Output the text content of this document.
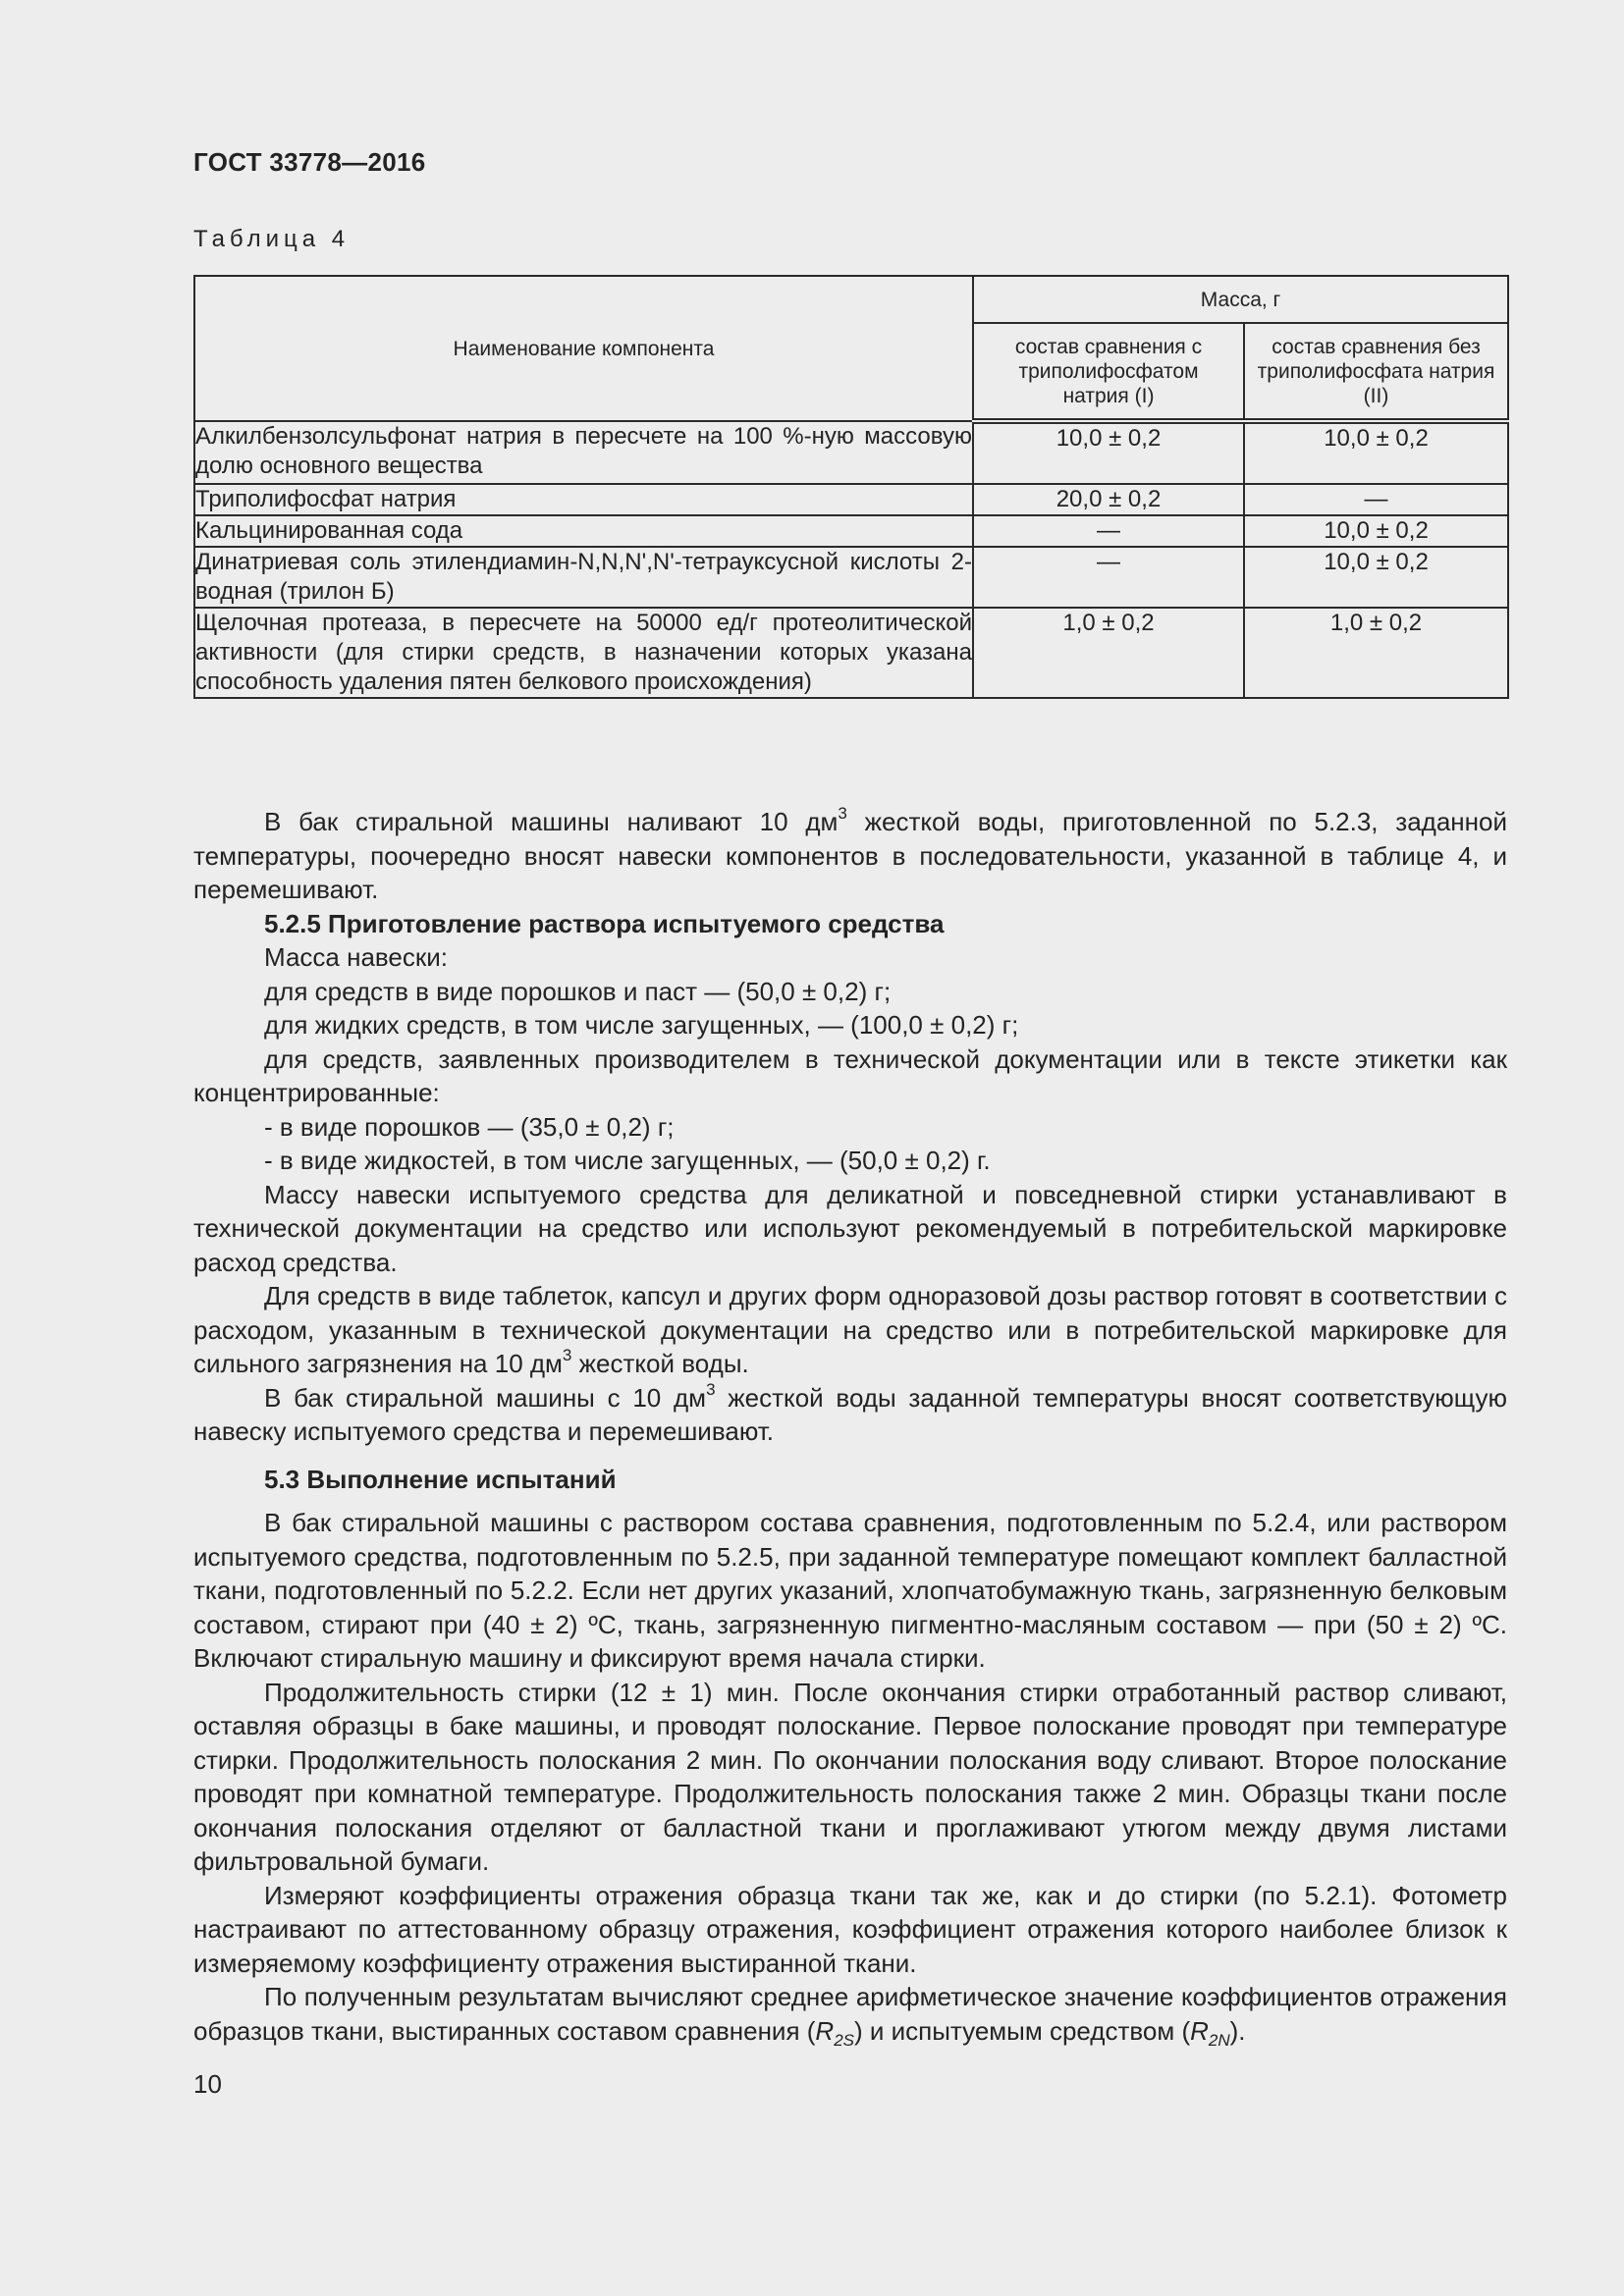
ГОСТ 33778—2016
Таблица 4
Наименование компонента	Масса, г	
	состав сравнения с триполифосфатом натрия (I)	состав сравнения без триполифосфата натрия (II)
Алкилбензолсульфонат натрия в пересчете на 100 %-ную массовую долю основного вещества	10,0 ± 0,2	10,0 ± 0,2
Триполифосфат натрия	20,0 ± 0,2	—
Кальцинированная сода	—	10,0 ± 0,2
Динатриевая соль этилендиамин-N,N,N',N'-тетрауксусной кислоты 2-водная (трилон Б)	—	10,0 ± 0,2
Щелочная протеаза, в пересчете на 50000 ед/г протеолитической активности (для стирки средств, в назначении которых указана способность удаления пятен белкового происхождения)	1,0 ± 0,2	1,0 ± 0,2

В бак стиральной машины наливают 10 $дм^3$ жесткой воды, приготовленной по 5.2.3, заданной температуры, поочередно вносят навески компонентов в последовательности, указанной в таблице 4, и перемешивают.

5.2.5 Приготовление раствора испытуемого средства

Масса навески:

для средств в виде порошков и паст — (50,0 ± 0,2) г;

для жидких средств, в том числе загущенных, — (100,0 ± 0,2) г;

для средств, заявленных производителем в технической документации или в тексте этикетки как концентрированные:

- в виде порошков — (35,0 ± 0,2) г;

- в виде жидкостей, в том числе загущенных, — (50,0 ± 0,2) г.

Массу навески испытуемого средства для деликатной и повседневной стирки устанавливают в технической документации на средство или используют рекомендуемый в потребительской маркировке расход средства.

Для средств в виде таблеток, капсул и других форм одноразовой дозы раствор готовят в соответствии с расходом, указанным в технической документации на средство или в потребительской маркировке для сильного загрязнения на 10 $дм^3$ жесткой воды.

В бак стиральной машины с 10 $дм^3$ жесткой воды заданной температуры вносят соответствующую навеску испытуемого средства и перемешивают.

5.3 Выполнение испытаний

В бак стиральной машины с раствором состава сравнения, подготовленным по 5.2.4, или раствором испытуемого средства, подготовленным по 5.2.5, при заданной температуре помещают комплект балластной ткани, подготовленный по 5.2.2. Если нет других указаний, хлопчатобумажную ткань, загрязненную белковым составом, стирают при (40 ± 2) ºС, ткань, загрязненную пигментно-масляным составом — при (50 ± 2) ºС. Включают стиральную машину и фиксируют время начала стирки.

Продолжительность стирки (12 ± 1) мин. После окончания стирки отработанный раствор сливают, оставляя образцы в баке машины, и проводят полоскание. Первое полоскание проводят при температуре стирки. Продолжительность полоскания 2 мин. По окончании полоскания воду сливают. Второе полоскание проводят при комнатной температуре. Продолжительность полоскания также 2 мин. Образцы ткани после окончания полоскания отделяют от балластной ткани и проглаживают утюгом между двумя листами фильтровальной бумаги.

Измеряют коэффициенты отражения образца ткани так же, как и до стирки (по 5.2.1). Фотометр настраивают по аттестованному образцу отражения, коэффициент отражения которого наиболее близок к измеряемому коэффициенту отражения выстиранной ткани.

По полученным результатам вычисляют среднее арифметическое значение коэффициентов отражения образцов ткани, выстиранных составом сравнения $(R_{2S})$ и испытуемым средством $(R_{2N})$.

10
